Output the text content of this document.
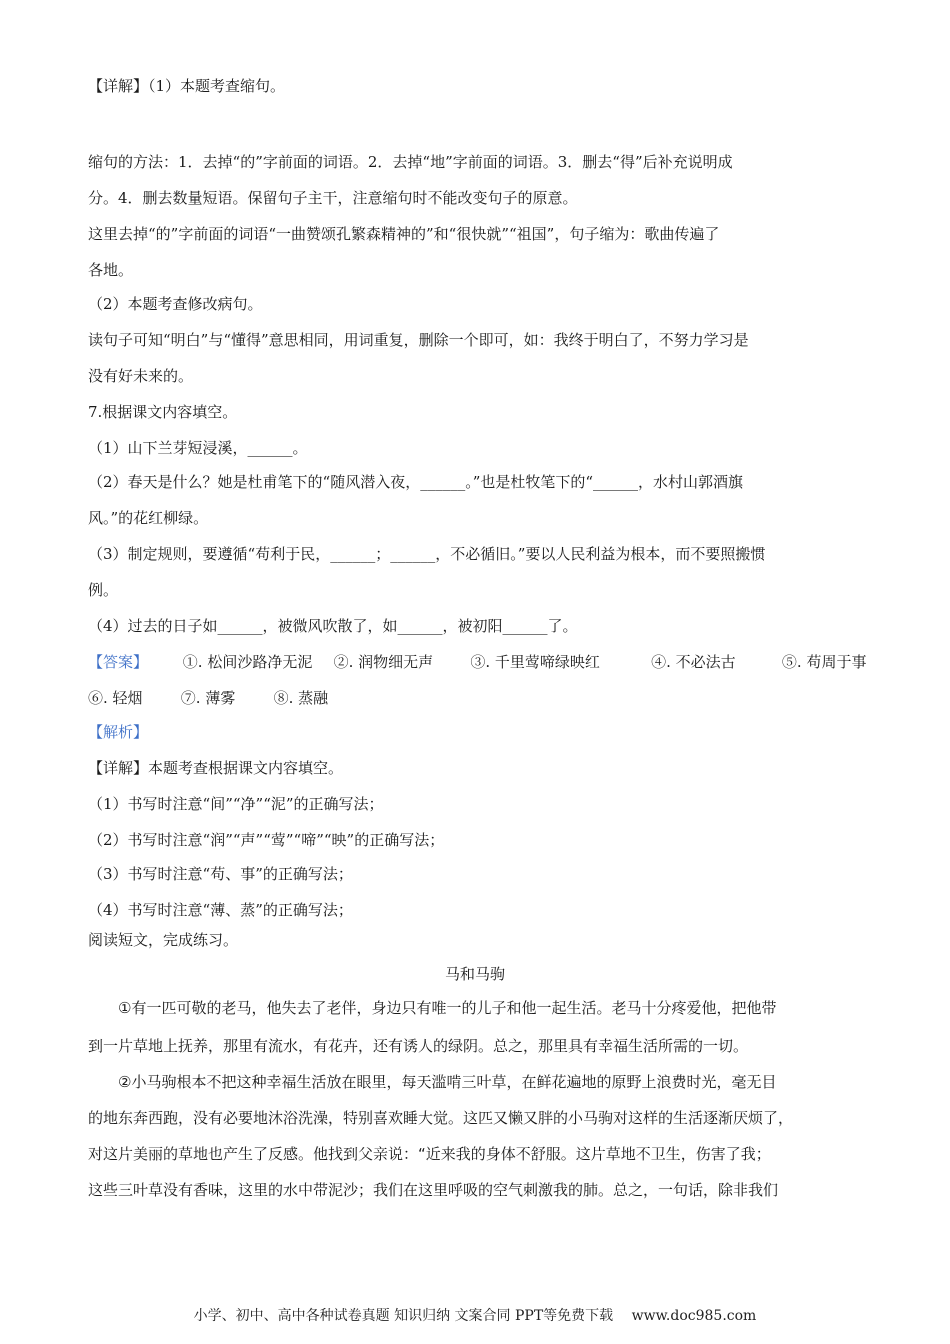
【详解】（1）本题考查缩句。
缩句的方法：1．去掉“的”字前面的词语。2．去掉“地”字前面的词语。3．删去“得”后补充说明成
分。4．删去数量短语。保留句子主干，注意缩句时不能改变句子的原意。
这里去掉“的”字前面的词语“一曲赞颂孔繁森精神的”和“很快就”“祖国”，句子缩为：歌曲传遍了
各地。
（2）本题考查修改病句。
读句子可知“明白”与“懂得”意思相同，用词重复，删除一个即可，如：我终于明白了，不努力学习是
没有好未来的。
7.根据课文内容填空。
（1）山下兰芽短浸溪，______。
（2）春天是什么？她是杜甫笔下的“随风潜入夜，______。”也是杜牧笔下的“______，水村山郭酒旗
风。”的花红柳绿。
（3）制定规则，要遵循“苟利于民，______；______，不必循旧。”要以人民利益为根本，而不要照搬惯
例。
（4）过去的日子如______，被微风吹散了，如______，被初阳______了。
【答案】 ①. 松间沙路净无泥 ②. 润物细无声 ③. 千里莺啼绿映红	④. 不必法古	⑤. 苟周于事
⑥. 轻烟	⑦. 薄雾	⑧. 蒸融
【解析】
【详解】本题考查根据课文内容填空。
（1）书写时注意“间”“净”“泥”的正确写法；
（2）书写时注意“润”“声”“莺”“啼”“映”的正确写法；
（3）书写时注意“苟、事”的正确写法；
（4）书写时注意“薄、蒸”的正确写法；
阅读短文，完成练习。
马和马驹
　　①有一匹可敬的老马，他失去了老伴，身边只有唯一的儿子和他一起生活。老马十分疼爱他，把他带
到一片草地上抚养，那里有流水，有花卉，还有诱人的绿阴。总之，那里具有幸福生活所需的一切。
　　②小马驹根本不把这种幸福生活放在眼里，每天滥啃三叶草，在鲜花遍地的原野上浪费时光，毫无目
的地东奔西跑，没有必要地沐浴洗澡，特别喜欢睡大觉。这匹又懒又胖的小马驹对这样的生活逐渐厌烦了，
对这片美丽的草地也产生了反感。他找到父亲说：“近来我的身体不舒服。这片草地不卫生，伤害了我；
这些三叶草没有香味，这里的水中带泥沙；我们在这里呼吸的空气刺激我的肺。总之，一句话，除非我们
小学、初中、高中各种试卷真题 知识归纳 文案合同 PPT等免费下载　 www.doc985.com
